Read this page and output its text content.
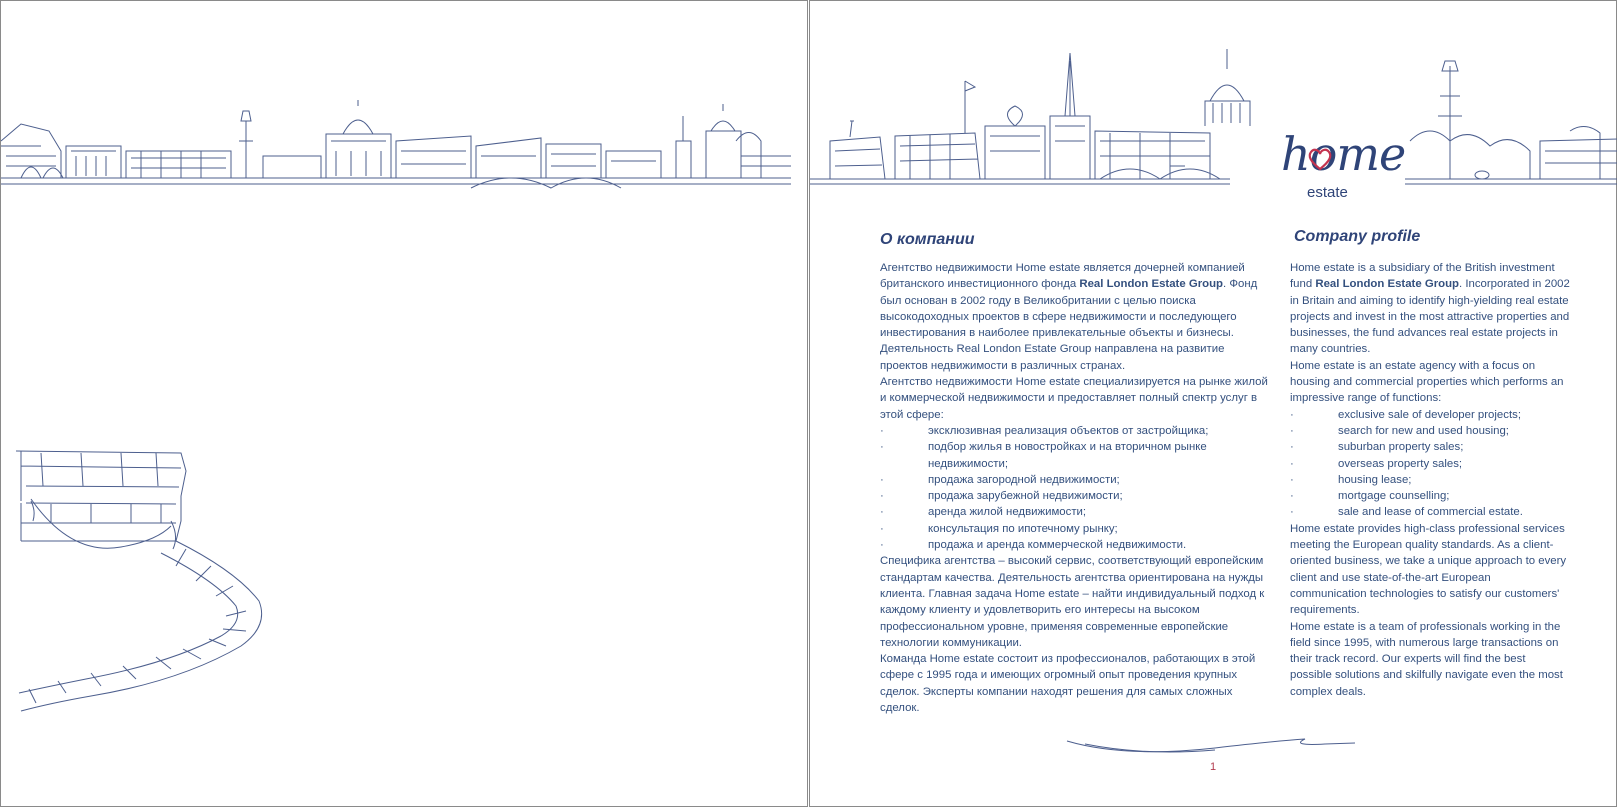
home
estate
О компании	Company profile

Агентство недвижимости Home estate является дочерней компанией британского инвестиционного фонда Real London Estate Group. Фонд был основан в 2002 году в Великобритании с целью поиска высокодоходных проектов в сфере недвижимости и последующего инвестирования в наиболее привлекательные объекты и бизнесы. Деятельность Real London Estate Group направлена на развитие проектов недвижимости в различных странах.

Агентство недвижимости Home estate специализируется на рынке жилой и коммерческой недвижимости и предоставляет полный спектр услуг в этой сфере:

· эксклюзивная реализация объектов от застройщика;
· подбор жилья в новостройках и на вторичном рынке недвижимости;
· продажа загородной недвижимости;
· продажа зарубежной недвижимости;
· аренда жилой недвижимости;
· консультация по ипотечному рынку;
· продажа и аренда коммерческой недвижимости.

Специфика агентства – высокий сервис, соответствующий европейским стандартам качества. Деятельность агентства ориентирована на нужды клиента. Главная задача Home estate – найти индивидуальный подход к каждому клиенту и удовлетворить его интересы на высоком профессиональном уровне, применяя современные европейские технологии коммуникации.

Команда Home estate состоит из профессионалов, работающих в этой сфере с 1995 года и имеющих огромный опыт проведения крупных сделок. Эксперты компании находят решения для самых сложных сделок.

Home estate is a subsidiary of the British investment fund Real London Estate Group. Incorporated in 2002 in Britain and aiming to identify high-yielding real estate projects and invest in the most attractive properties and businesses, the fund advances real estate projects in many countries.

Home estate is an estate agency with a focus on housing and commercial properties which performs an impressive range of functions:

· exclusive sale of developer projects;
· search for new and used housing;
· suburban property sales;
· overseas property sales;
· housing lease;
· mortgage counselling;
· sale and lease of commercial estate.

Home estate provides high-class professional services meeting the European quality standards. As a client-oriented business, we take a unique approach to every client and use state-of-the-art European communication technologies to satisfy our customers' requirements.

Home estate is a team of professionals working in the field since 1995, with numerous large transactions on their track record. Our experts will find the best possible solutions and skilfully navigate even the most complex deals.

1
